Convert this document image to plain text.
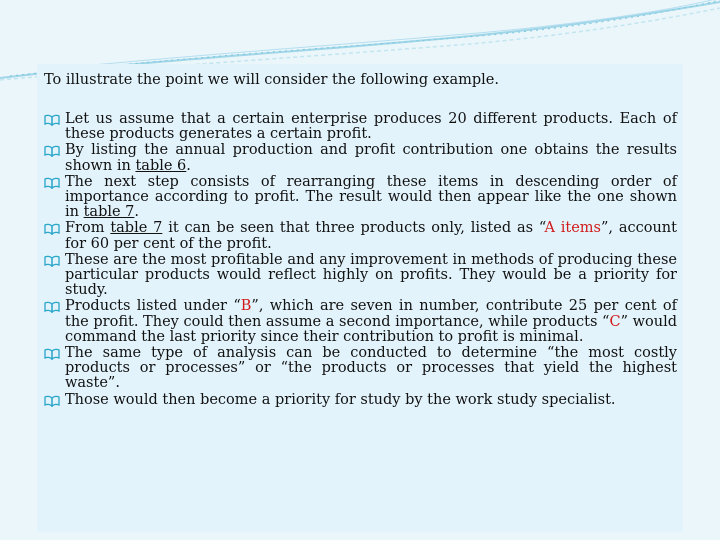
To illustrate the point we will consider the following example.

Let us assume that a certain enterprise produces 20 different products. Each of these products generates a certain profit.
By listing the annual production and profit contribution one obtains the results shown in table 6.
The next step consists of rearranging these items in descending order of importance according to profit. The result would then appear like the one shown in table 7.
From table 7 it can be seen that three products only, listed as “A items”, account for 60 per cent of the profit.
These are the most profitable and any improvement in methods of producing these particular products would reflect highly on profits. They would be a priority for study.
Products listed under “B”, which are seven in number, contribute 25 per cent of the profit. They could then assume a second importance, while products “C” would command the last priority since their contribution to profit is minimal.
The same type of analysis can be conducted to determine “the most costly products or processes” or “the products or processes that yield the highest waste”.
Those would then become a priority for study by the work study specialist.
